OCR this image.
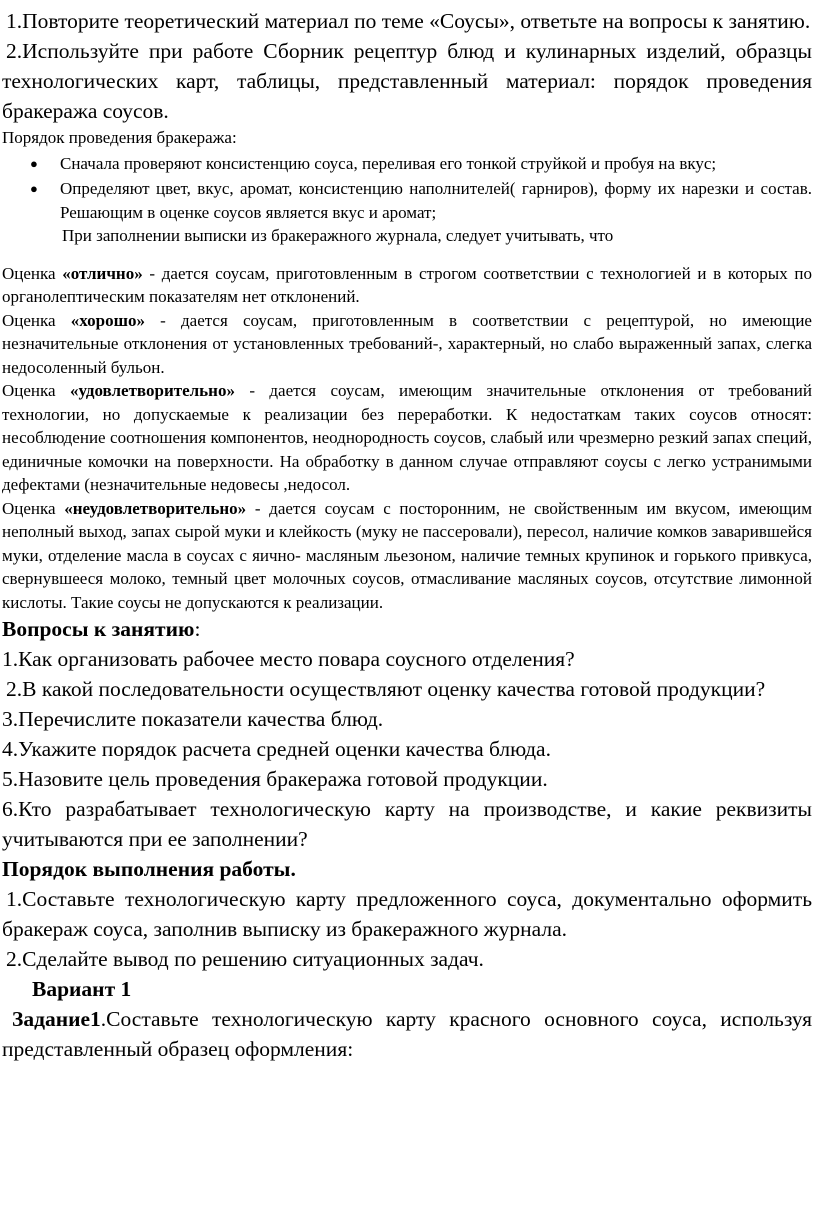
1.Повторите теоретический материал по теме «Соусы», ответьте на вопросы к занятию.

2.Используйте при работе Сборник рецептур блюд и кулинарных изделий, образцы технологических карт, таблицы, представленный материал: порядок проведения бракеража соусов.

Порядок проведения бракеража:

● Сначала проверяют консистенцию соуса, переливая его тонкой струйкой и пробуя на вкус;
● Определяют цвет, вкус, аромат, консистенцию наполнителей( гарниров), форму их нарезки и состав. Решающим в оценке соусов является вкус и аромат;

При заполнении выписки из бракеражного журнала, следует учитывать, что

Оценка «отлично» - дается соусам, приготовленным в строгом соответствии с технологией и в которых по органолептическим показателям нет отклонений.

Оценка «хорошо» - дается соусам, приготовленным в соответствии с рецептурой, но имеющие незначительные отклонения от установленных требований-, характерный, но слабо выраженный запах, слегка недосоленный бульон.

Оценка «удовлетворительно» - дается соусам, имеющим значительные отклонения от требований технологии, но допускаемые к реализации без переработки. К недостаткам таких соусов относят: несоблюдение соотношения компонентов, неоднородность соусов, слабый или чрезмерно резкий запах специй, единичные комочки на поверхности. На обработку в данном случае отправляют соусы с легко устранимыми дефектами (незначительные недовесы ,недосол.

Оценка «неудовлетворительно» - дается соусам с посторонним, не свойственным им вкусом, имеющим неполный выход, запах сырой муки и клейкость (муку не пассеровали), пересол, наличие комков заварившейся муки, отделение масла в соусах с яично- масляным льезоном, наличие темных крупинок и горького привкуса, свернувшееся молоко, темный цвет молочных соусов, отмасливание масляных соусов, отсутствие лимонной кислоты. Такие соусы не допускаются к реализации.

Вопросы к занятию:

1.Как организовать рабочее место повара соусного отделения?

2.В какой последовательности осуществляют оценку качества готовой продукции?

3.Перечислите показатели качества блюд.

4.Укажите порядок расчета средней оценки качества блюда.

5.Назовите цель проведения бракеража готовой продукции.

6.Кто разрабатывает технологическую карту на производстве, и какие реквизиты учитываются при ее заполнении?

Порядок выполнения работы.

1.Составьте технологическую карту предложенного соуса, документально оформить бракераж соуса, заполнив выписку из бракеражного журнала.

2.Сделайте вывод по решению ситуационных задач.

Вариант 1

Задание1.Составьте технологическую карту красного основного соуса, используя представленный образец оформления:
